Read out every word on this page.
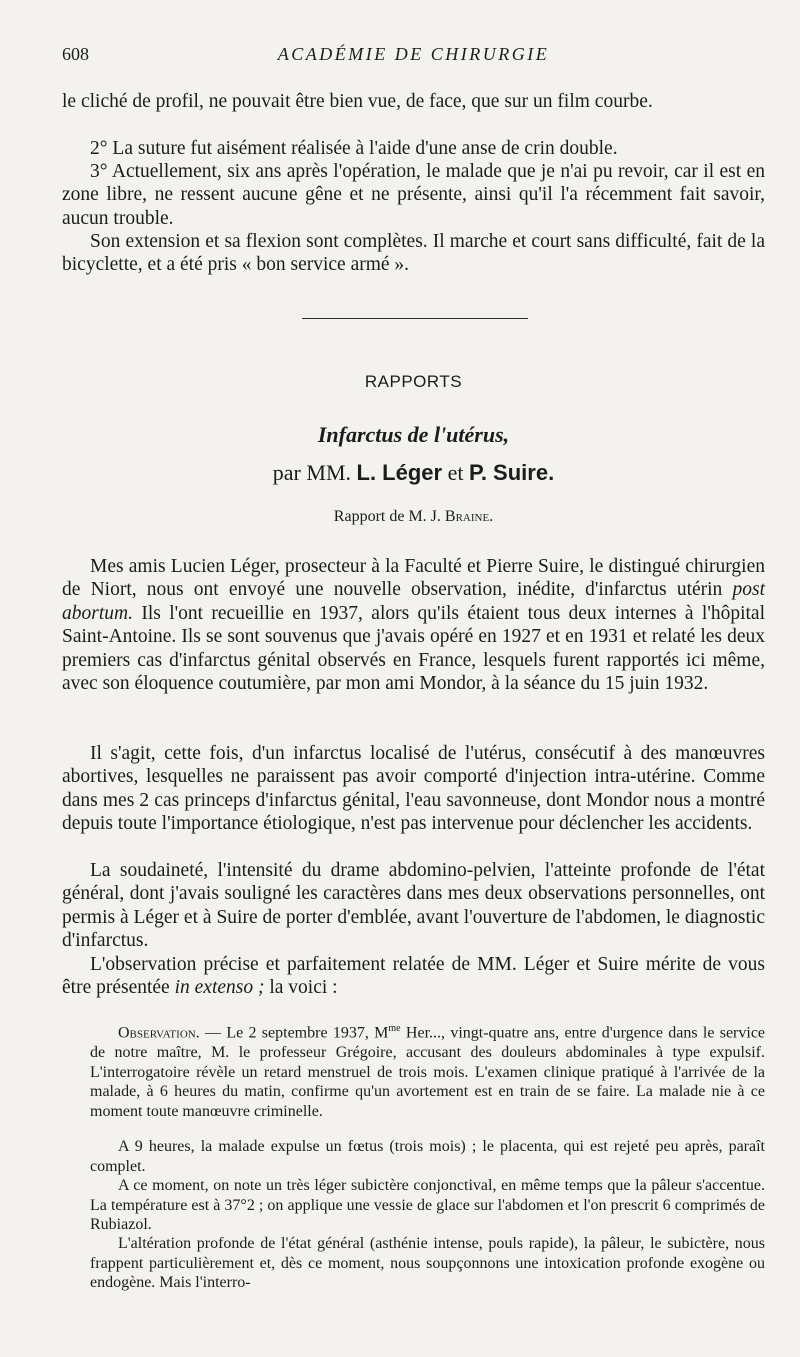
608	ACADÉMIE DE CHIRURGIE

le cliché de profil, ne pouvait être bien vue, de face, que sur un film courbe.

2° La suture fut aisément réalisée à l'aide d'une anse de crin double.

3° Actuellement, six ans après l'opération, le malade que je n'ai pu revoir, car il est en zone libre, ne ressent aucune gêne et ne présente, ainsi qu'il l'a récemment fait savoir, aucun trouble.

Son extension et sa flexion sont complètes. Il marche et court sans difficulté, fait de la bicyclette, et a été pris « bon service armé ».

RAPPORTS

Infarctus de l'utérus,

par MM. L. Léger et P. Suire.

Rapport de M. J. Braine.

Mes amis Lucien Léger, prosecteur à la Faculté et Pierre Suire, le distingué chirurgien de Niort, nous ont envoyé une nouvelle observation, inédite, d'infarctus utérin post abortum. Ils l'ont recueillie en 1937, alors qu'ils étaient tous deux internes à l'hôpital Saint-Antoine. Ils se sont souvenus que j'avais opéré en 1927 et en 1931 et relaté les deux premiers cas d'infarctus génital observés en France, lesquels furent rapportés ici même, avec son éloquence coutumière, par mon ami Mondor, à la séance du 15 juin 1932.

Il s'agit, cette fois, d'un infarctus localisé de l'utérus, consécutif à des manœuvres abortives, lesquelles ne paraissent pas avoir comporté d'injection intra-utérine. Comme dans mes 2 cas princeps d'infarctus génital, l'eau savonneuse, dont Mondor nous a montré depuis toute l'importance étiologique, n'est pas intervenue pour déclencher les accidents.

La soudaineté, l'intensité du drame abdomino-pelvien, l'atteinte profonde de l'état général, dont j'avais souligné les caractères dans mes deux observations personnelles, ont permis à Léger et à Suire de porter d'emblée, avant l'ouverture de l'abdomen, le diagnostic d'infarctus.

L'observation précise et parfaitement relatée de MM. Léger et Suire mérite de vous être présentée in extenso ; la voici :

Observation. — Le 2 septembre 1937, $M^{me}$ Her..., vingt-quatre ans, entre d'urgence dans le service de notre maître, M. le professeur Grégoire, accusant des douleurs abdominales à type expulsif. L'interrogatoire révèle un retard menstruel de trois mois. L'examen clinique pratiqué à l'arrivée de la malade, à 6 heures du matin, confirme qu'un avortement est en train de se faire. La malade nie à ce moment toute manœuvre criminelle.

A 9 heures, la malade expulse un fœtus (trois mois) ; le placenta, qui est rejeté peu après, paraît complet.

A ce moment, on note un très léger subictère conjonctival, en même temps que la pâleur s'accentue. La température est à 37°2 ; on applique une vessie de glace sur l'abdomen et l'on prescrit 6 comprimés de Rubiazol.

L'altération profonde de l'état général (asthénie intense, pouls rapide), la pâleur, le subictère, nous frappent particulièrement et, dès ce moment, nous soupçonnons une intoxication profonde exogène ou endogène. Mais l'interro-
